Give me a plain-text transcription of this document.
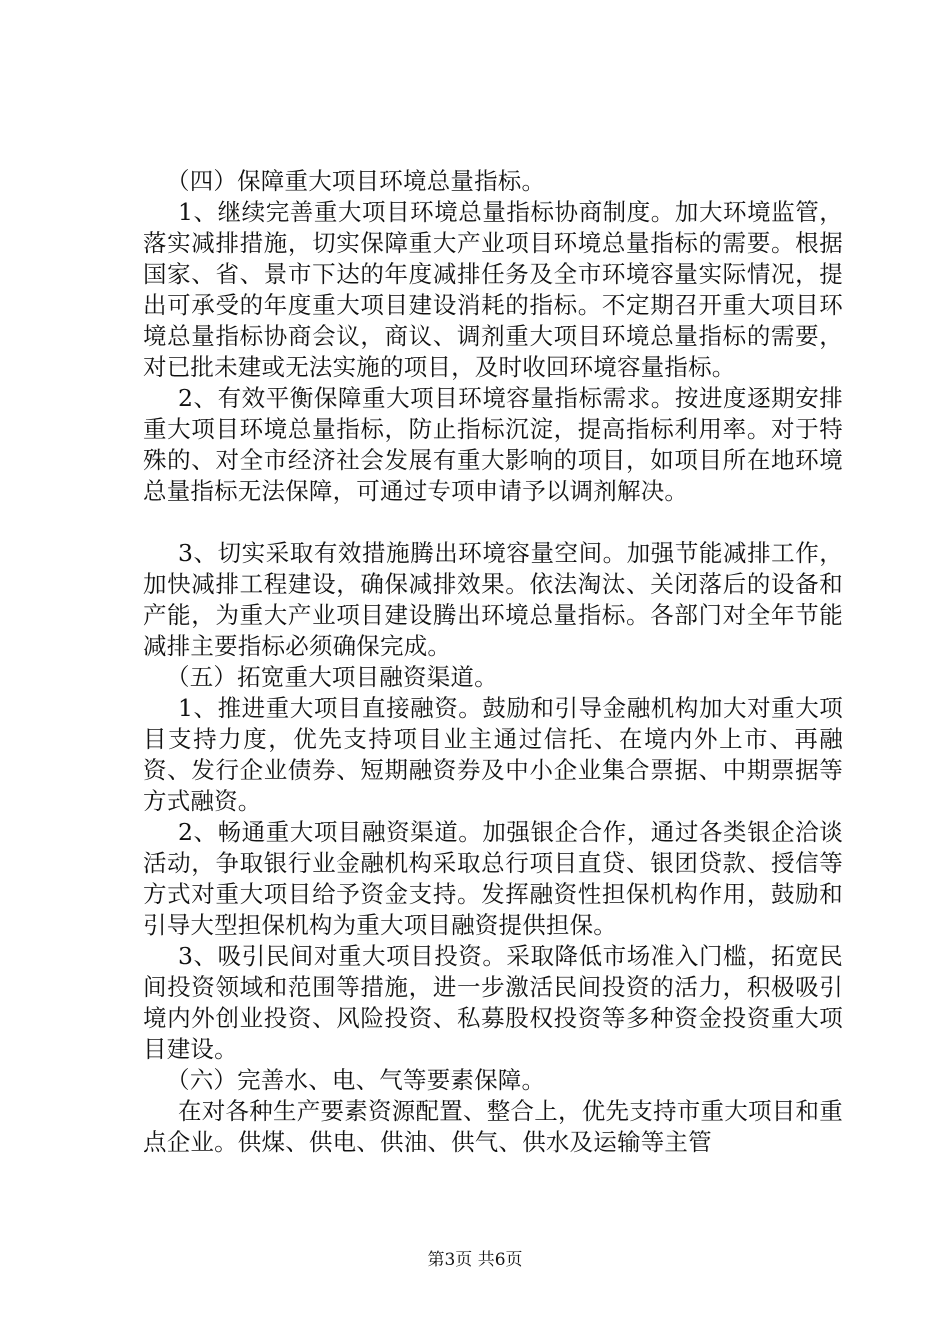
（四）保障重大项目环境总量指标。

1、继续完善重大项目环境总量指标协商制度。加大环境监管，落实减排措施，切实保障重大产业项目环境总量指标的需要。根据国家、省、景市下达的年度减排任务及全市环境容量实际情况，提出可承受的年度重大项目建设消耗的指标。不定期召开重大项目环境总量指标协商会议，商议、调剂重大项目环境总量指标的需要，对已批未建或无法实施的项目，及时收回环境容量指标。

2、有效平衡保障重大项目环境容量指标需求。按进度逐期安排重大项目环境总量指标，防止指标沉淀，提高指标利用率。对于特殊的、对全市经济社会发展有重大影响的项目，如项目所在地环境总量指标无法保障，可通过专项申请予以调剂解决。

3、切实采取有效措施腾出环境容量空间。加强节能减排工作，加快减排工程建设，确保减排效果。依法淘汰、关闭落后的设备和产能，为重大产业项目建设腾出环境总量指标。各部门对全年节能减排主要指标必须确保完成。

（五）拓宽重大项目融资渠道。

1、推进重大项目直接融资。鼓励和引导金融机构加大对重大项目支持力度，优先支持项目业主通过信托、在境内外上市、再融资、发行企业债券、短期融资券及中小企业集合票据、中期票据等方式融资。

2、畅通重大项目融资渠道。加强银企合作，通过各类银企洽谈活动，争取银行业金融机构采取总行项目直贷、银团贷款、授信等方式对重大项目给予资金支持。发挥融资性担保机构作用，鼓励和引导大型担保机构为重大项目融资提供担保。

3、吸引民间对重大项目投资。采取降低市场准入门槛，拓宽民间投资领域和范围等措施，进一步激活民间投资的活力，积极吸引境内外创业投资、风险投资、私募股权投资等多种资金投资重大项目建设。

（六）完善水、电、气等要素保障。

在对各种生产要素资源配置、整合上，优先支持市重大项目和重点企业。供煤、供电、供油、供气、供水及运输等主管

第3页 共6页
